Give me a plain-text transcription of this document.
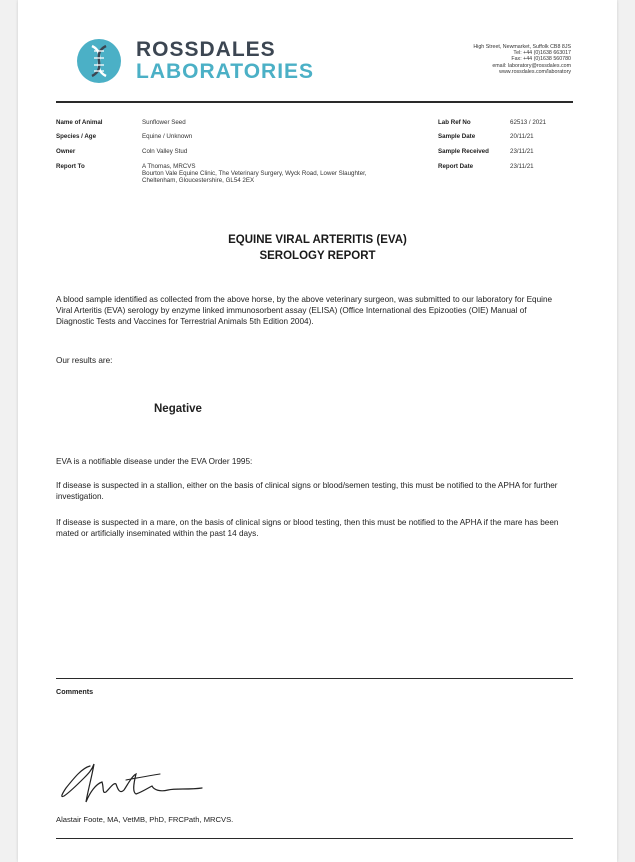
ROSSDALES
LABORATORIES
High Street, Newmarket, Suffolk CB8 8JS
Tel: +44 (0)1638 663017
Fax: +44 (0)1638 560780
email: laboratory@rossdales.com
www.rossdales.com/laboratory
Name of Animal	Sunflower Seed
Species / Age	Equine / Unknown
Owner	Coln Valley Stud
Report To	A Thomas, MRCVS
Bourton Vale Equine Clinic, The Veterinary Surgery, Wyck Road, Lower Slaughter,
Cheltenham, Gloucestershire, GL54 2EX
Lab Ref No	62513 / 2021
Sample Date	20/11/21
Sample Received	23/11/21
Report Date	23/11/21
EQUINE VIRAL ARTERITIS (EVA)
SEROLOGY REPORT
A blood sample identified as collected from the above horse, by the above veterinary surgeon, was submitted to our laboratory for Equine Viral Arteritis (EVA) serology by enzyme linked immunosorbent assay (ELISA) (Office International des Epizooties (OIE) Manual of Diagnostic Tests and Vaccines for Terrestrial Animals 5th Edition 2004).
Our results are:
Negative
EVA is a notifiable disease under the EVA Order 1995:
If disease is suspected in a stallion, either on the basis of clinical signs or blood/semen testing, this must be notified to the APHA for further investigation.
If disease is suspected in a mare, on the basis of clinical signs or blood testing, then this must be notified to the APHA if the mare has been mated or artificially inseminated within the past 14 days.
Comments
Alastair Foote, MA, VetMB, PhD, FRCPath, MRCVS.
